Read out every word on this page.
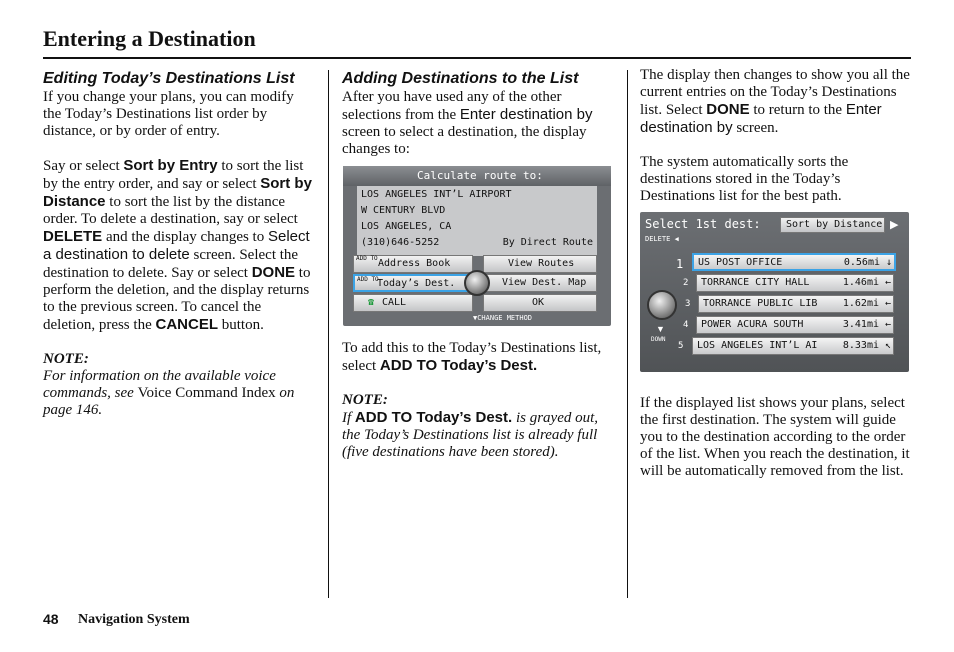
Entering a Destination
Editing Today’s Destinations List

If you change your plans, you can modify the Today’s Destinations list order by distance, or by order of entry.

Say or select Sort by Entry to sort the list by the entry order, and say or select Sort by Distance to sort the list by the distance order. To delete a destination, say or select DELETE and the display changes to Select a destination to delete screen. Select the destination to delete. Say or select DONE to perform the deletion, and the display returns to the previous screen. To cancel the deletion, press the CANCEL button.

NOTE:

For information on the available voice commands, see Voice Command Index on page 146.

Adding Destinations to the List

After you have used any of the other selections from the Enter destination by screen to select a destination, the display changes to:

To add this to the Today’s Destinations list, select ADD TO Today’s Dest.

NOTE:

If ADD TO Today’s Dest. is grayed out, the Today’s Destinations list is already full (five destinations have been stored).

The display then changes to show you all the current entries on the Today’s Destinations list. Select DONE to return to the Enter destination by screen.

The system automatically sorts the destinations stored in the Today’s Destinations list for the best path.

If the displayed list shows your plans, select the first destination. The system will guide you to the destination according to the order of the list. When you reach the destination, it will be automatically removed from the list.

Calculate route to:
LOS ANGELES INT’L AIRPORT
W CENTURY BLVD
LOS ANGELES, CA
(310)646-5252	By Direct Route
ADD TO Address Book	View Routes
ADD TO
Today’s Dest.	View Dest. Map
☎ CALL	OK
▼CHANGE METHOD
Select 1st dest:	Sort by Distance ▶
DELETE ◀
▼
DOWN
1	US POST OFFICE	0.56mi ↓
2	TORRANCE CITY HALL	1.46mi ←
3	TORRANCE PUBLIC LIB	1.62mi ←
4	POWER ACURA SOUTH	3.41mi ←
5	LOS ANGELES INT’L AI	8.33mi ↖
48 Navigation System
